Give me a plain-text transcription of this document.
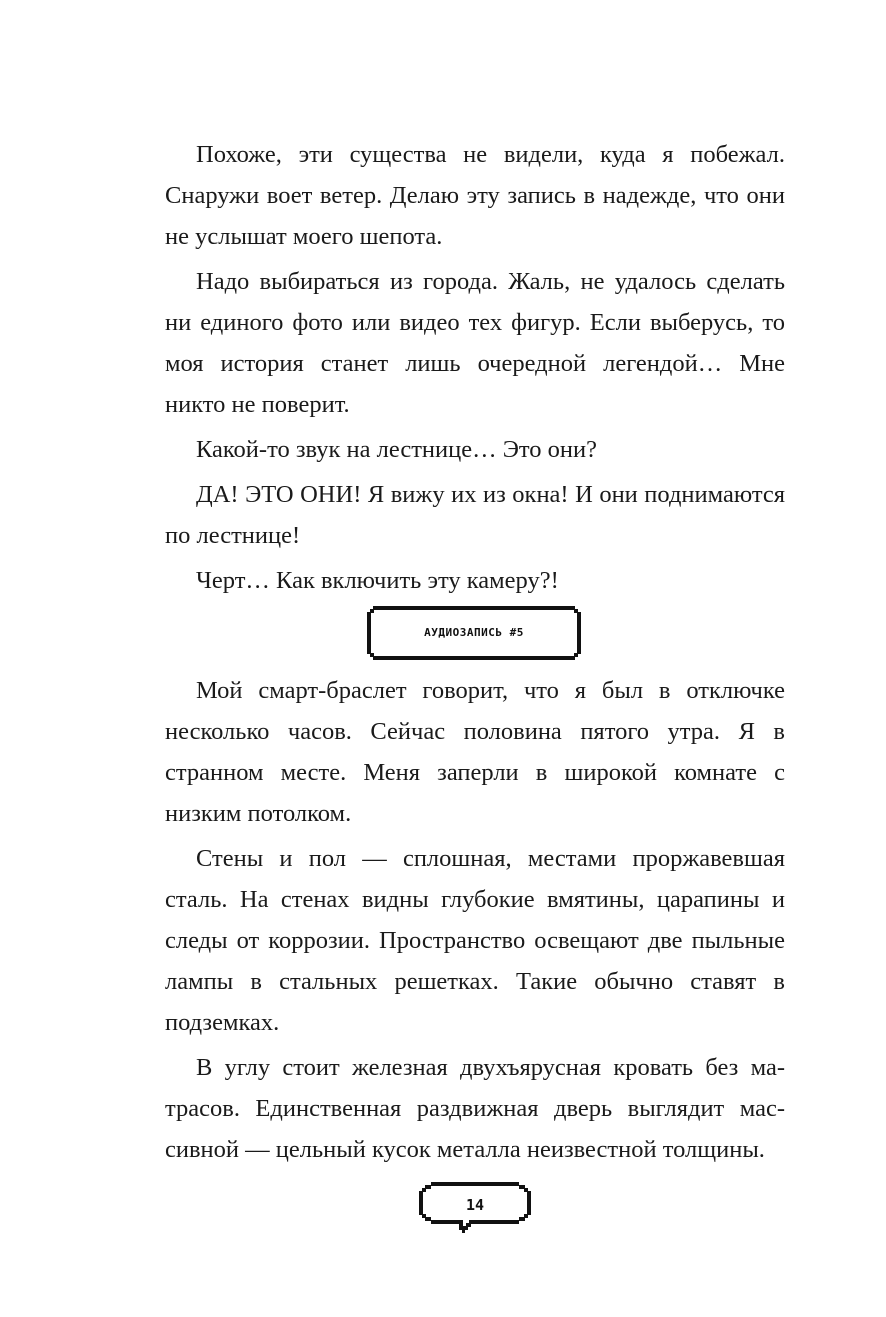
Похоже, эти существа не видели, куда я побежал. Снаружи воет ветер. Делаю эту запись в надежде, что они не услышат моего шепота.

Надо выбираться из города. Жаль, не удалось сделать ни единого фото или видео тех фигур. Если выберусь, то моя история станет лишь очередной легендой… Мне никто не поверит.

Какой-то звук на лестнице… Это они?

ДА! ЭТО ОНИ! Я вижу их из окна! И они поднимаются по лестнице!

Черт… Как включить эту камеру?!

АУДИОЗАПИСЬ #5

Мой смарт-браслет говорит, что я был в отключке несколько часов. Сейчас половина пятого утра. Я в странном месте. Меня заперли в широкой комнате с низким потолком.

Стены и пол — сплошная, местами проржавевшая сталь. На стенах видны глубокие вмятины, царапины и следы от коррозии. Пространство освещают две пыльные лампы в стальных решетках. Такие обычно ставят в подземках.

В углу стоит железная двухъярусная кровать без матрасов. Единственная раздвижная дверь выглядит массивной — цельный кусок металла неизвестной толщины.

14
